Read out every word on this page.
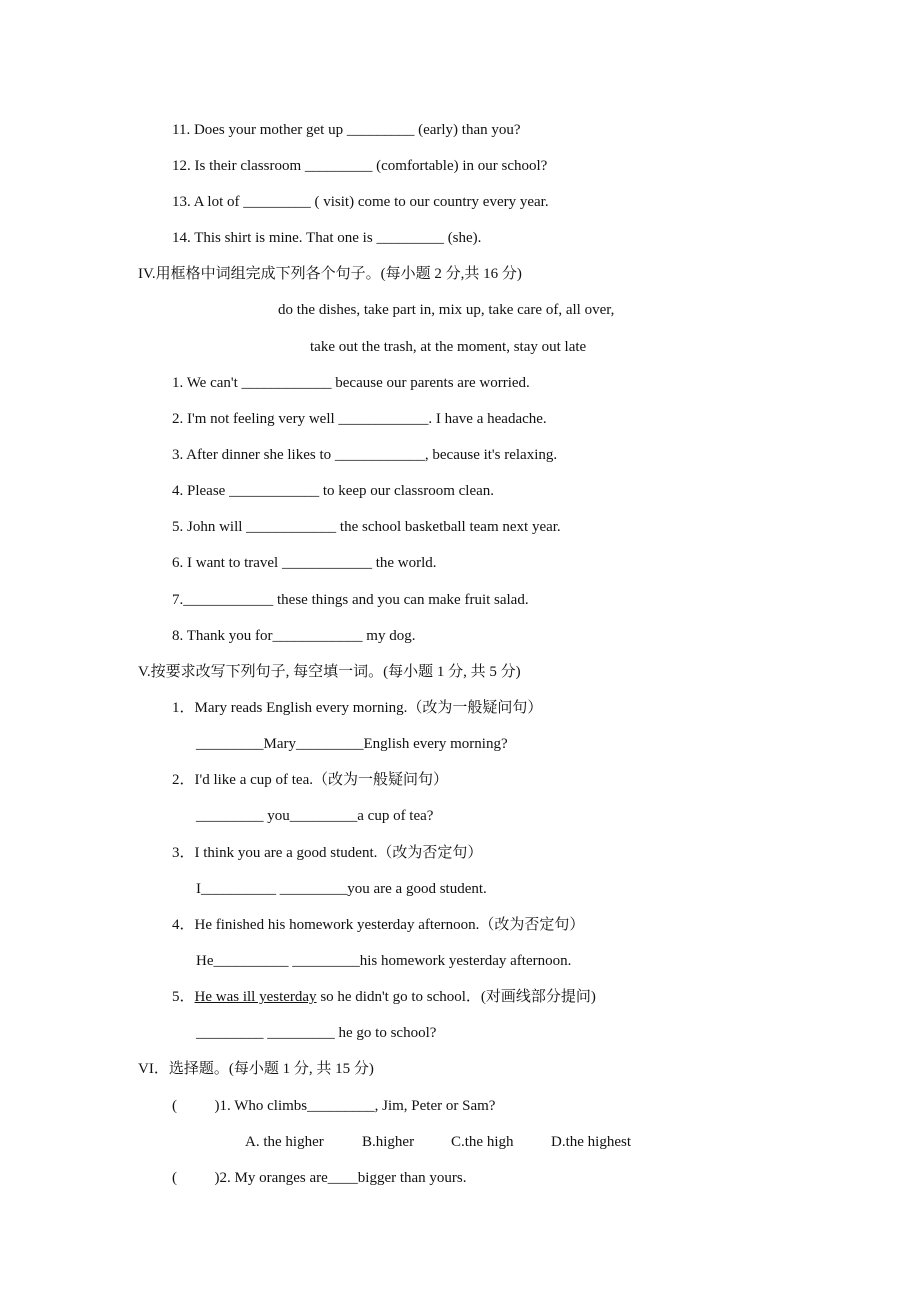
11. Does your mother get up _________ (early) than you?
12. Is their classroom _________ (comfortable) in our school?
13. A lot of _________ ( visit) come to our country every year.
14. This shirt is mine. That one is _________ (she).
IV.用框格中词组完成下列各个句子。(每小题 2 分,共 16 分)
do the dishes, take part in, mix up, take care of, all over,
take out the trash, at the moment, stay out late
1. We can't ____________ because our parents are worried.
2. I'm not feeling very well ____________. I have a headache.
3. After dinner she likes to ____________, because it's relaxing.
4. Please ____________ to keep our classroom clean.
5. John will ____________ the school basketball team next year.
6. I want to travel ____________ the world.
7.____________ these things and you can make fruit salad.
8. Thank you for____________ my dog.
V.按要求改写下列句子, 每空填一词。(每小题 1 分, 共 5 分)
1．Mary reads English every morning.（改为一般疑问句）
_________Mary_________English every morning?
2．I'd like a cup of tea.（改为一般疑问句）
_________ you_________a cup of tea?
3．I think you are a good student.（改为否定句）
I__________ _________you are a good student.
4．He finished his homework yesterday afternoon.（改为否定句）
He__________ _________his homework yesterday afternoon.
5．He was ill yesterday so he didn't go to school．(对画线部分提问)
_________ _________ he go to school?
VI．选择题。(每小题 1 分, 共 15 分)
(          )1. Who climbs_________, Jim, Peter or Sam?
A. the higher	B.higher C.the high	D.the highest
(          )2. My oranges are____bigger than yours.
